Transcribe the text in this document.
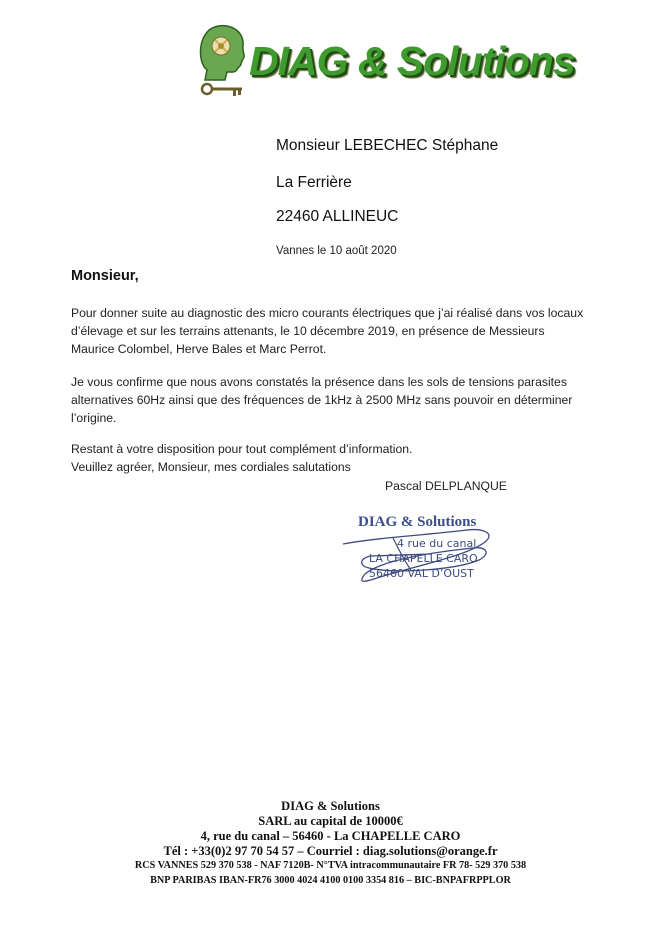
DIAG & Solutions
Monsieur LEBECHEC Stéphane
La Ferrière
22460 ALLINEUC
Vannes le 10 août 2020
Monsieur,
Pour donner suite au diagnostic des micro courants électriques que j’ai réalisé dans vos locaux
d’élevage et sur les terrains attenants, le 10 décembre 2019, en présence de Messieurs
Maurice Colombel, Herve Bales et Marc Perrot.
Je vous confirme que nous avons constatés la présence dans les sols de tensions parasites
alternatives 60Hz ainsi que des fréquences de 1kHz à 2500 MHz sans pouvoir en déterminer
l’origine.
Restant à votre disposition pour tout complément d’information.
Veuillez agréer, Monsieur, mes cordiales salutations
Pascal DELPLANQUE
DIAG & Solutions
4 rue du canal
LA CHAPELLE CARO
56460 VAL D’OUST
DIAG & Solutions
SARL au capital de 10000€
4, rue du canal – 56460 - La CHAPELLE CARO
Tél : +33(0)2 97 70 54 57 – Courriel : diag.solutions@orange.fr
RCS VANNES 529 370 538 - NAF 7120B- N°TVA intracommunautaire FR 78- 529 370 538
BNP PARIBAS IBAN-FR76 3000 4024 4100 0100 3354 816 – BIC-BNPAFRPPLOR
